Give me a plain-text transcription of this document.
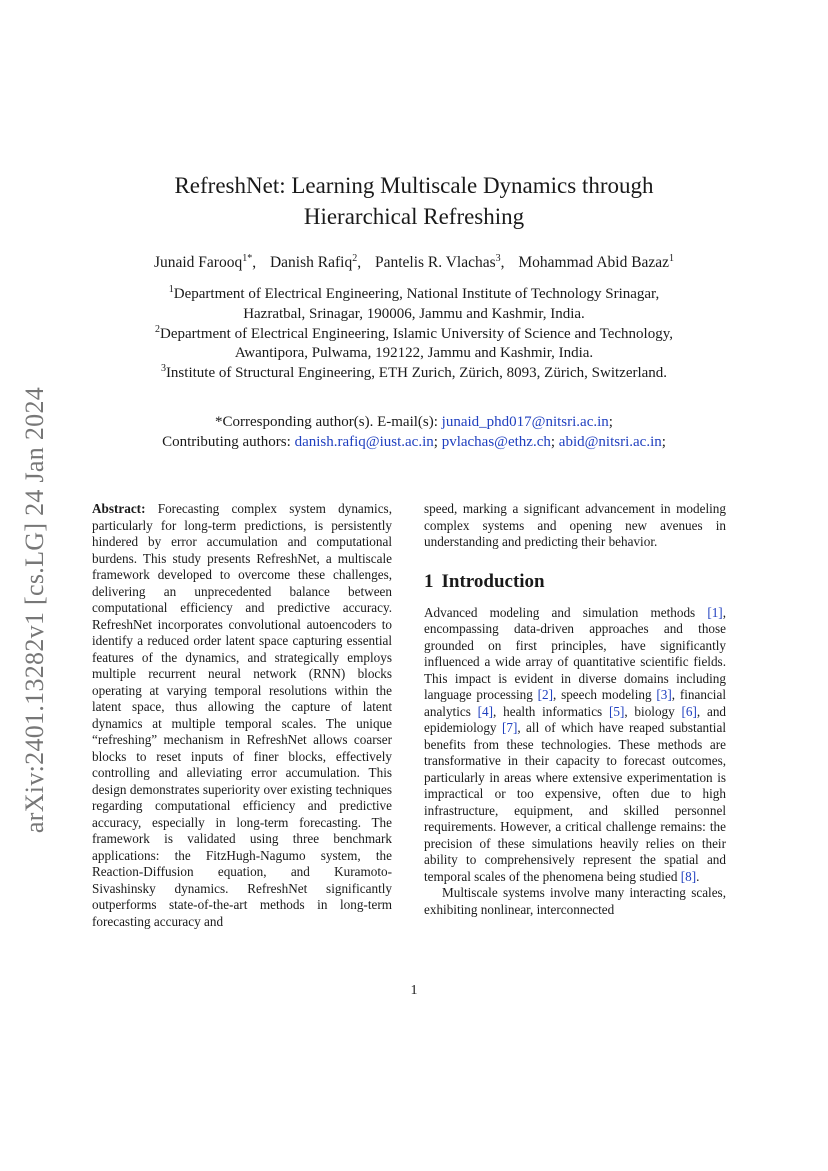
arXiv:2401.13282v1 [cs.LG] 24 Jan 2024
RefreshNet: Learning Multiscale Dynamics through
Hierarchical Refreshing
Junaid Farooq$^{1*}$, Danish Rafiq$^2$, Pantelis R. Vlachas$^3$, Mohammad Abid Bazaz$^1$
$^1$Department of Electrical Engineering, National Institute of Technology Srinagar,
Hazratbal, Srinagar, 190006, Jammu and Kashmir, India.
$^2$Department of Electrical Engineering, Islamic University of Science and Technology,
Awantipora, Pulwama, 192122, Jammu and Kashmir, India.
$^3$Institute of Structural Engineering, ETH Zurich, Zürich, 8093, Zürich, Switzerland.
*Corresponding author(s). E-mail(s): junaid_phd017@nitsri.ac.in;
Contributing authors: danish.rafiq@iust.ac.in; pvlachas@ethz.ch; abid@nitsri.ac.in;

Abstract: Forecasting complex system dynamics, particularly for long-term predictions, is persistently hindered by error accumulation and computational burdens. This study presents RefreshNet, a multiscale framework developed to overcome these challenges, delivering an unprecedented balance between computational efficiency and predictive accuracy. RefreshNet incorporates convolutional autoencoders to identify a reduced order latent space capturing essential features of the dynamics, and strategically employs multiple recurrent neural network (RNN) blocks operating at varying temporal resolutions within the latent space, thus allowing the capture of latent dynamics at multiple temporal scales. The unique “refreshing” mechanism in RefreshNet allows coarser blocks to reset inputs of finer blocks, effectively controlling and alleviating error accumulation. This design demonstrates superiority over existing techniques regarding computational efficiency and predictive accuracy, especially in long-term forecasting. The framework is validated using three benchmark applications: the FitzHugh-Nagumo system, the Reaction-Diffusion equation, and Kuramoto-Sivashinsky dynamics. RefreshNet significantly outperforms state-of-the-art methods in long-term forecasting accuracy and

speed, marking a significant advancement in modeling complex systems and opening new avenues in understanding and predicting their behavior.

1 Introduction

Advanced modeling and simulation methods [1], encompassing data-driven approaches and those grounded on first principles, have significantly influenced a wide array of quantitative scientific fields. This impact is evident in diverse domains including language processing [2], speech modeling [3], financial analytics [4], health informatics [5], biology [6], and epidemiology [7], all of which have reaped substantial benefits from these technologies. These methods are transformative in their capacity to forecast outcomes, particularly in areas where extensive experimentation is impractical or too expensive, often due to high infrastructure, equipment, and skilled personnel requirements. However, a critical challenge remains: the precision of these simulations heavily relies on their ability to comprehensively represent the spatial and temporal scales of the phenomena being studied [8].

Multiscale systems involve many interacting scales, exhibiting nonlinear, interconnected

1
